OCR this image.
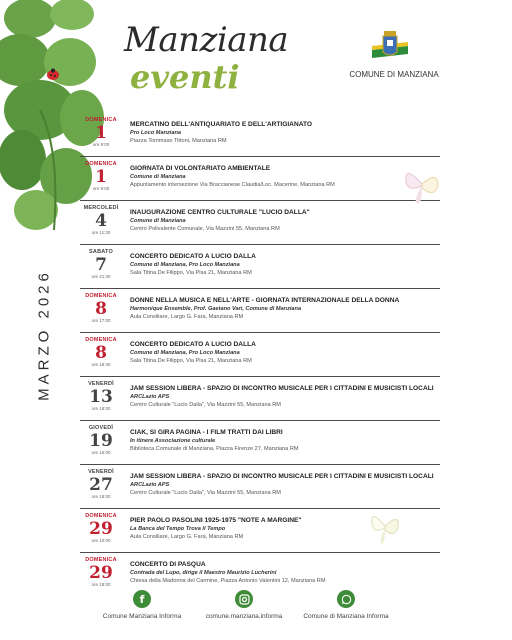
Manziana
eventi	COMUNE DI MANZIANA
MARZO 2026
DOMENICA
1
ore 9:00
MERCATINO DELL'ANTIQUARIATO E DELL'ARTIGIANATO
Pro Loco Manziana
Piazza Tommaso Tittoni, Manziana RM
DOMENICA
1
ore 9:00
GIORNATA DI VOLONTARIATO AMBIENTALE
Comune di Manziana
Appuntamento intersezione Via Braccianese Claudia/Loc. Macerine, Manziana RM
MERCOLEDÌ
4
ore 11:30
INAUGURAZIONE CENTRO CULTURALE "LUCIO DALLA"
Comune di Manziana
Centro Polivalente Comunale, Via Mazzini 55, Manziana RM
SABATO
7
ore 21:30
CONCERTO DEDICATO A LUCIO DALLA
Comune di Manziana, Pro Loco Manziana
Sala Titina De Filippo, Via Pisa 21, Manziana RM
DOMENICA
8
ore 17:00
DONNE NELLA MUSICA E NELL'ARTE - GIORNATA INTERNAZIONALE DELLA DONNA
Harmonique Ensemble, Prof. Gaetano Vari, Comune di Manziana
Aula Consiliare, Largo G. Fara, Manziana RM
DOMENICA
8
ore 18:30
CONCERTO DEDICATO A LUCIO DALLA
Comune di Manziana, Pro Loco Manziana
Sala Titina De Filippo, Via Pisa 21, Manziana RM
VENERDÌ
13
ore 18:00
JAM SESSION LIBERA - SPAZIO DI INCONTRO MUSICALE PER I CITTADINI E MUSICISTI LOCALI
ARCLazio APS
Centro Culturale "Lucio Dalla", Via Mazzini 55, Manziana RM
GIOVEDÌ
19
ore 16:00
CIAK, SI GIRA PAGINA - I FILM TRATTI DAI LIBRI
In itinere Associazione culturale
Biblioteca Comunale di Manziana, Piazza Firenze 27, Manziana RM
VENERDÌ
27
ore 18:00
JAM SESSION LIBERA - SPAZIO DI INCONTRO MUSICALE PER I CITTADINI E MUSICISTI LOCALI
ARCLazio APS
Centro Culturale "Lucio Dalla", Via Mazzini 55, Manziana RM
DOMENICA
29
ore 10:00
PIER PAOLO PASOLINI 1925-1975 "NOTE A MARGINE"
La Banca del Tempo Trova il Tempo
Aula Consiliare, Largo G. Fara, Manziana RM
DOMENICA
29
ore 18:00
CONCERTO DI PASQUA
Contrada del Lupo, dirige il Maestro Maurizio Lucherini
Chiesa della Madonna del Carmine, Piazza Antonio Valentini 12, Manziana RM
f
Comune Manziana Informa	comune.manziana.informa	Comune di Manziana Informa
